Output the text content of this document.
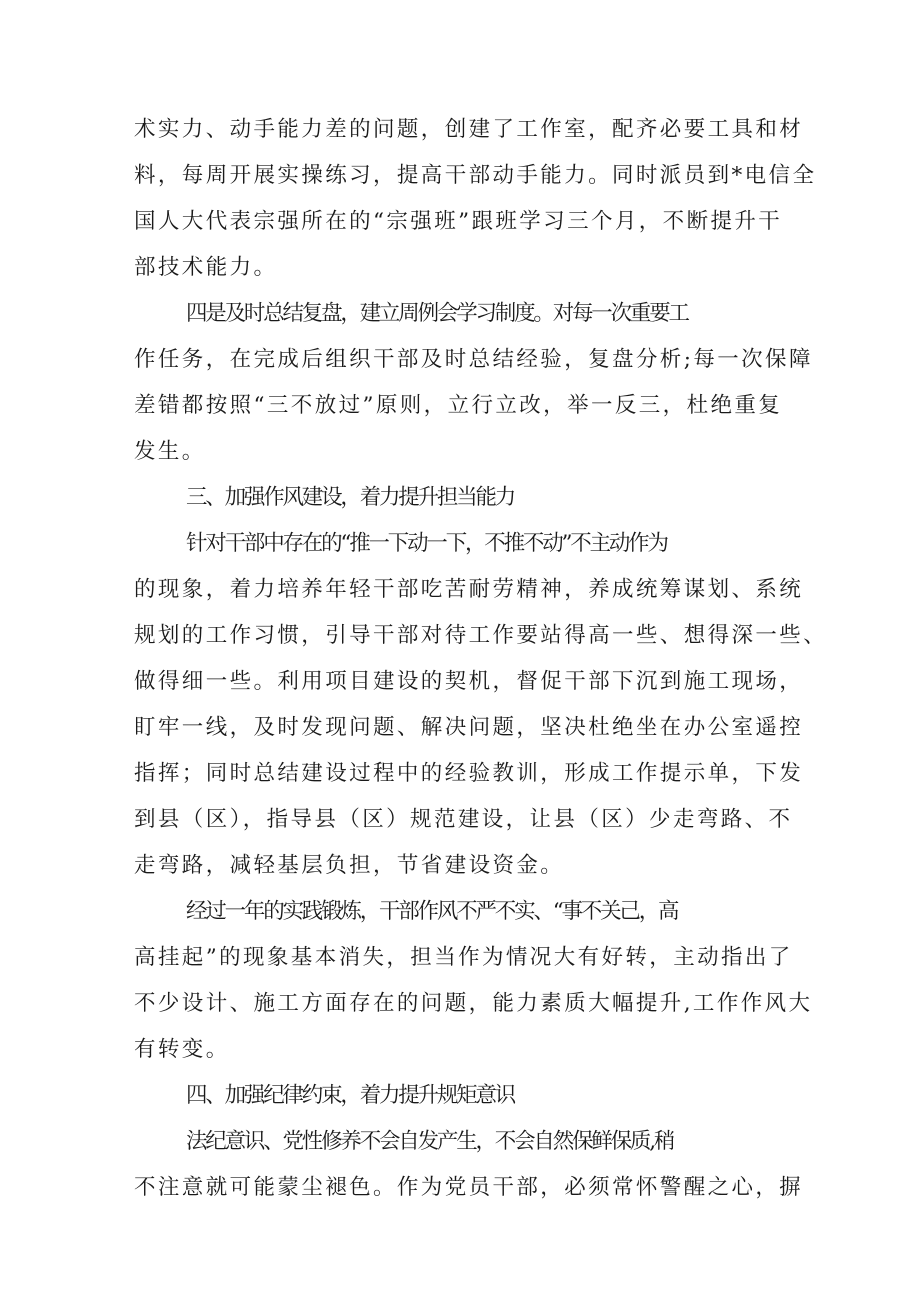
术实力、动手能力差的问题，创建了工作室，配齐必要工具和材
料，每周开展实操练习，提高干部动手能力。同时派员到*电信全
国人大代表宗强所在的“宗强班”跟班学习三个月，不断提升干
部技术能力。
四是及时总结复盘，建立周例会学习制度。对每一次重要工
作任务，在完成后组织干部及时总结经验，复盘分析;每一次保障
差错都按照“三不放过”原则，立行立改，举一反三，杜绝重复
发生。
三、加强作风建设，着力提升担当能力
针对干部中存在的“推一下动一下，不推不动”不主动作为
的现象，着力培养年轻干部吃苦耐劳精神，养成统筹谋划、系统
规划的工作习惯，引导干部对待工作要站得高一些、想得深一些、
做得细一些。利用项目建设的契机，督促干部下沉到施工现场，
盯牢一线，及时发现问题、解决问题，坚决杜绝坐在办公室遥控
指挥；同时总结建设过程中的经验教训，形成工作提示单，下发
到县（区），指导县（区）规范建设，让县（区）少走弯路、不
走弯路，减轻基层负担，节省建设资金。
经过一年的实践锻炼，干部作风不严不实、“事不关己，高
高挂起”的现象基本消失，担当作为情况大有好转，主动指出了
不少设计、施工方面存在的问题，能力素质大幅提升,工作作风大
有转变。
四、加强纪律约束，着力提升规矩意识
法纪意识、党性修养不会自发产生，不会自然保鲜保质,稍
不注意就可能蒙尘褪色。作为党员干部，必须常怀警醒之心，摒
